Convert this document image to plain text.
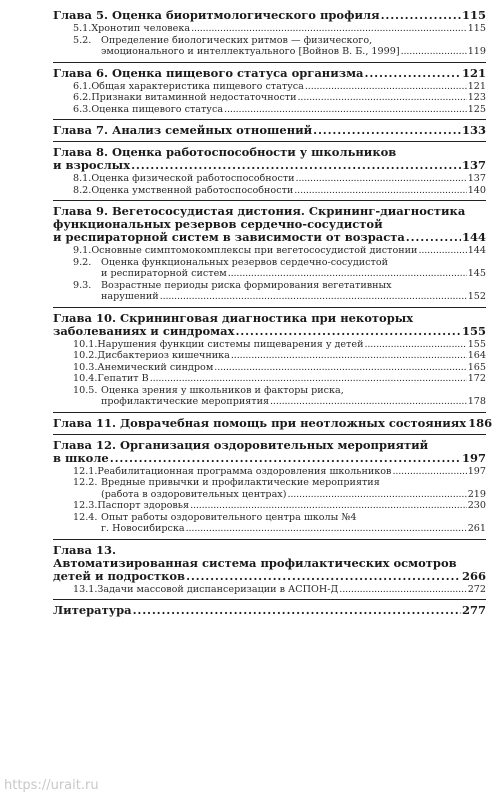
Глава 5. Оценка биоритмологического профиля . . .	115
5.1. Хронотип человека . . .	115
5.2. Определение биологических ритмов — физического,
эмоционального и интеллектуального [Войнов В. Б., 1999] . . .	119
Глава 6. Оценка пищевого статуса организма . . .	121
6.1. Общая характеристика пищевого статуса . . .	121
6.2. Признаки витаминной недостаточности . . .	123
6.3. Оценка пищевого статуса . . .	125
Глава 7. Анализ семейных отношений . . .	133
Глава 8. Оценка работоспособности у школьников
и взрослых . . .	137
8.1. Оценка физической работоспособности . . .	137
8.2. Оценка умственной работоспособности . . .	140
Глава 9. Вегетососудистая дистония. Скрининг-диагностика
функциональных резервов сердечно-сосудистой
и респираторной систем в зависимости от возраста . . .	144
9.1. Основные симптомокомплексы при вегетососудистой дистонии . . .	144
9.2. Оценка функциональных резервов сердечно-сосудистой
и респираторной систем . . .	145
9.3. Возрастные периоды риска формирования вегетативных
нарушений . . .	152
Глава 10. Скрининговая диагностика при некоторых
заболеваниях и синдромах . . .	155
10.1. Нарушения функции системы пищеварения у детей . . .	155
10.2. Дисбактериоз кишечника . . .	164
10.3. Анемический синдром . . .	165
10.4. Гепатит В . . .	172
10.5. Оценка зрения у школьников и факторы риска,
профилактические мероприятия . . .	178
Глава 11. Доврачебная помощь при неотложных состояниях 186
Глава 12. Организация оздоровительных мероприятий
в школе . . .	197
12.1. Реабилитационная программа оздоровления школьников . . .	197
12.2. Вредные привычки и профилактические мероприятия
(работа в оздоровительных центрах) . . .	219
12.3. Паспорт здоровья . . .	230
12.4. Опыт работы оздоровительного центра школы №4
г. Новосибирска . . .	261
Глава 13.
Автоматизированная система профилактических осмотров
детей и подростков . . .	266
13.1. Задачи массовой диспансеризации в АСПОН-Д . . .	272
Литература . . .	277
https://urait.ru
